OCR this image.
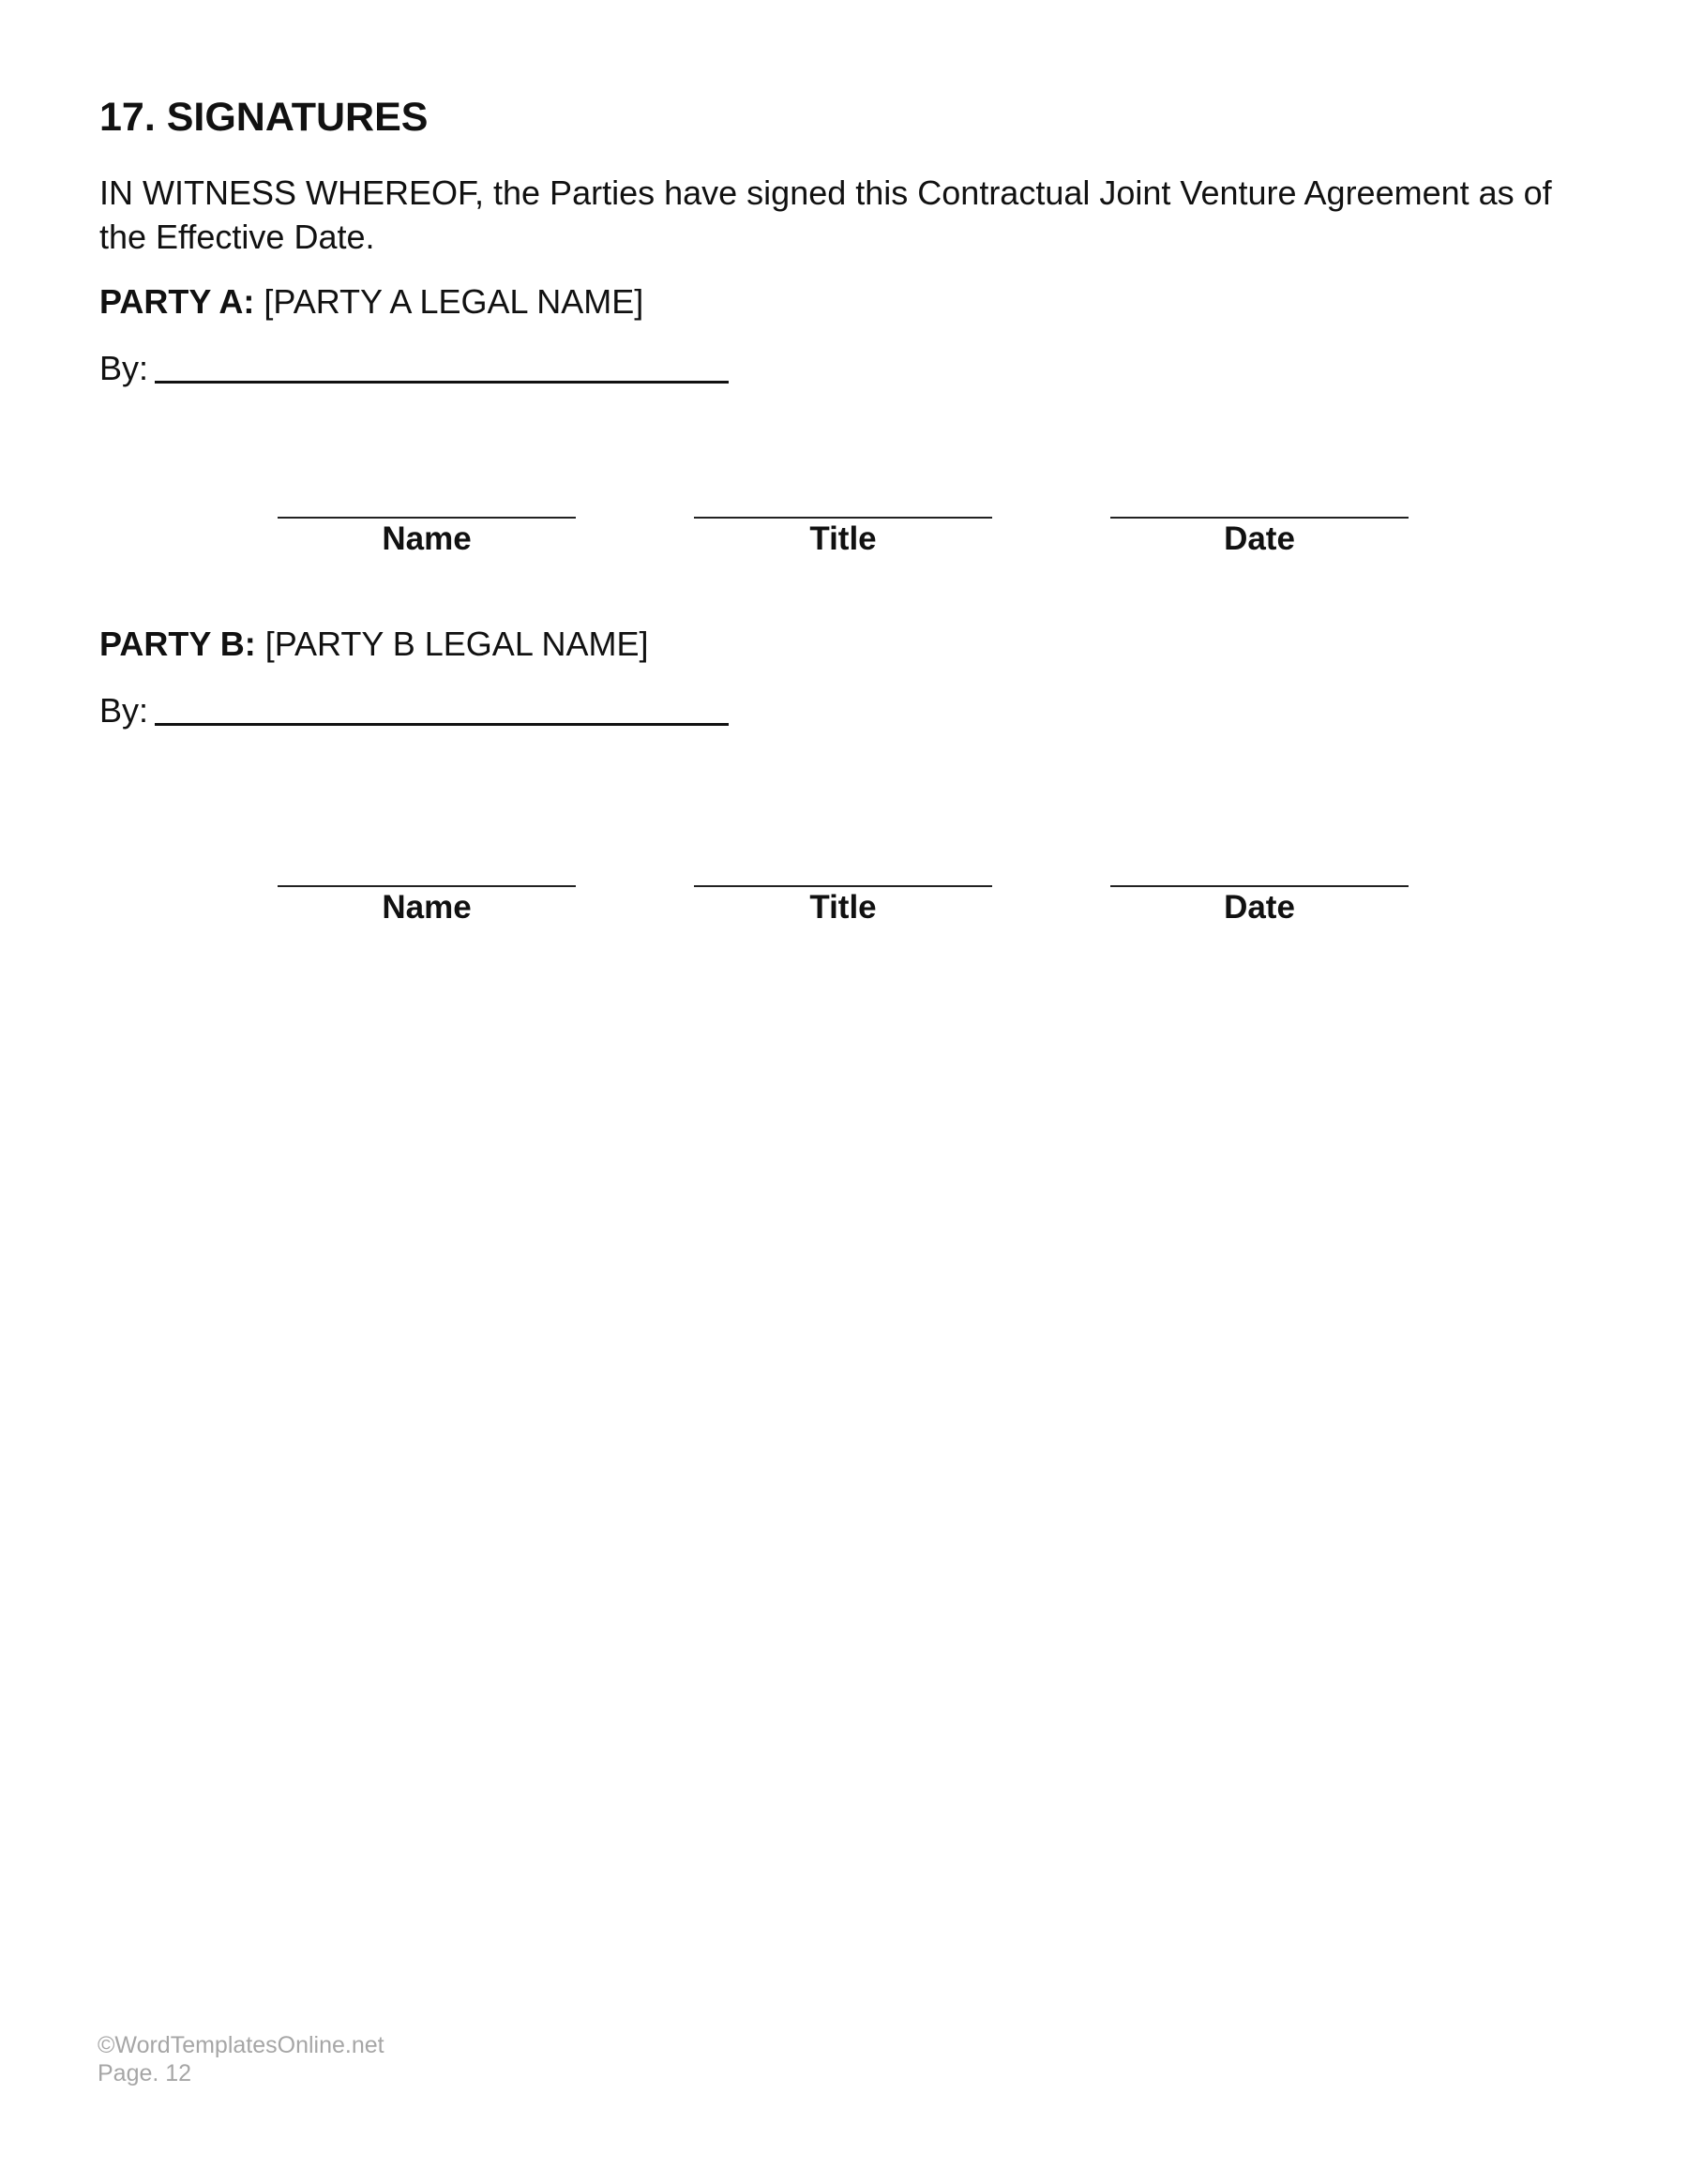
17. SIGNATURES

IN WITNESS WHEREOF, the Parties have signed this Contractual Joint Venture Agreement as of the Effective Date.

PARTY A: [PARTY A LEGAL NAME]

By:
Name	Title	Date

PARTY B: [PARTY B LEGAL NAME]

By:
Name	Title	Date
©WordTemplatesOnline.net
Page. 12
